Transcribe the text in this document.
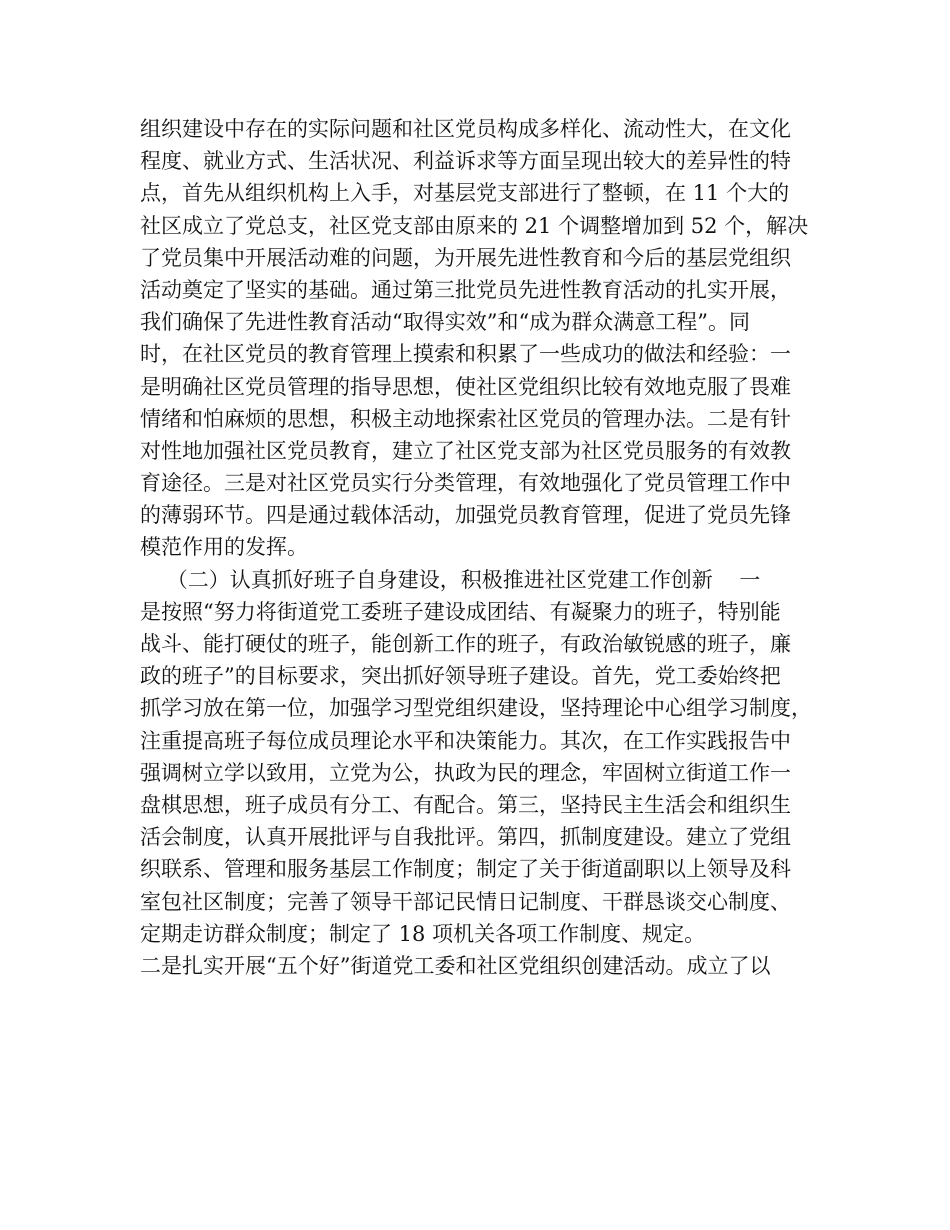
组织建设中存在的实际问题和社区党员构成多样化、流动性大，在文化
程度、就业方式、生活状况、利益诉求等方面呈现出较大的差异性的特
点，首先从组织机构上入手，对基层党支部进行了整顿，在 11 个大的
社区成立了党总支，社区党支部由原来的 21 个调整增加到 52 个，解决
了党员集中开展活动难的问题，为开展先进性教育和今后的基层党组织
活动奠定了坚实的基础。通过第三批党员先进性教育活动的扎实开展，
我们确保了先进性教育活动“取得实效”和“成为群众满意工程”。同
时，在社区党员的教育管理上摸索和积累了一些成功的做法和经验：一
是明确社区党员管理的指导思想，使社区党组织比较有效地克服了畏难
情绪和怕麻烦的思想，积极主动地探索社区党员的管理办法。二是有针
对性地加强社区党员教育，建立了社区党支部为社区党员服务的有效教
育途径。三是对社区党员实行分类管理，有效地强化了党员管理工作中
的薄弱环节。四是通过载体活动，加强党员教育管理，促进了党员先锋
模范作用的发挥。
（二）认真抓好班子自身建设，积极推进社区党建工作创新    一
是按照“努力将街道党工委班子建设成团结、有凝聚力的班子，特别能
战斗、能打硬仗的班子，能创新工作的班子，有政治敏锐感的班子，廉
政的班子”的目标要求，突出抓好领导班子建设。首先，党工委始终把
抓学习放在第一位，加强学习型党组织建设，坚持理论中心组学习制度，
注重提高班子每位成员理论水平和决策能力。其次，在工作实践报告中
强调树立学以致用，立党为公，执政为民的理念，牢固树立街道工作一
盘棋思想，班子成员有分工、有配合。第三，坚持民主生活会和组织生
活会制度，认真开展批评与自我批评。第四，抓制度建设。建立了党组
织联系、管理和服务基层工作制度；制定了关于街道副职以上领导及科
室包社区制度；完善了领导干部记民情日记制度、干群恳谈交心制度、
定期走访群众制度；制定了 18 项机关各项工作制度、规定。
二是扎实开展“五个好”街道党工委和社区党组织创建活动。成立了以
